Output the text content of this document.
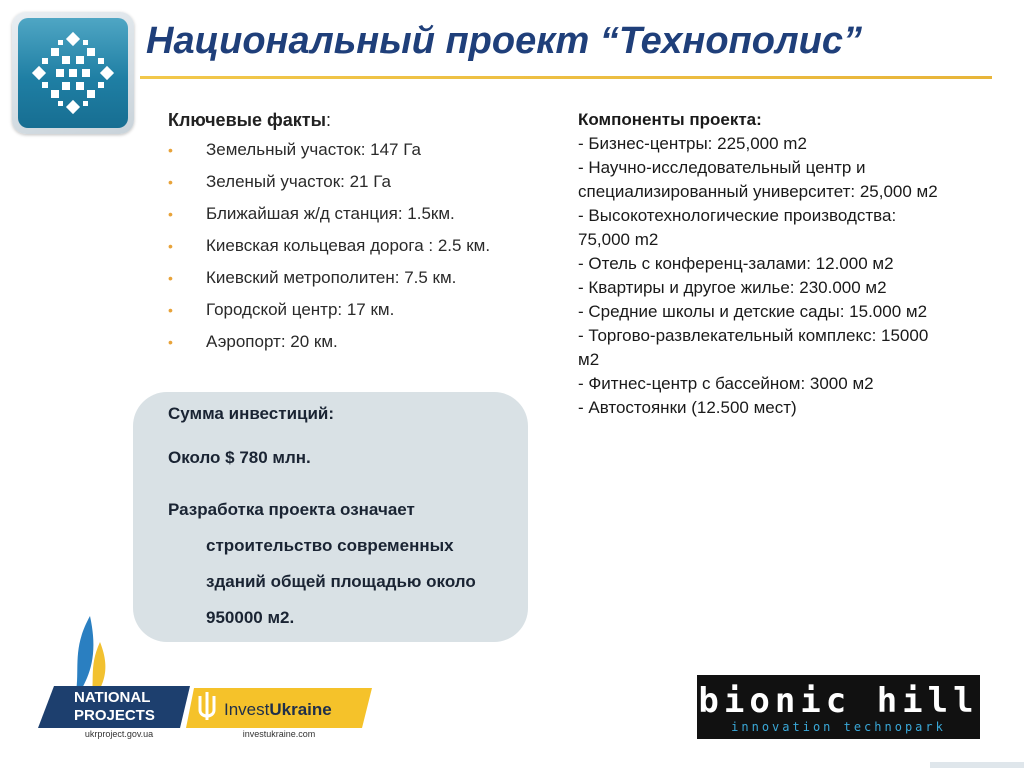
Национальный проект “Технополис”

Ключевые факты:

• Земельный участок: 147 Га
• Зеленый участок: 21 Га
• Ближайшая ж/д станция: 1.5км.
• Киевская кольцевая дорога : 2.5 км.
• Киевский метрополитен: 7.5 км.
• Городской центр: 17 км.
• Аэропорт: 20 км.

Сумма инвестиций:

Около $ 780 млн.

Разработка проекта означает
строительство современных
зданий общей площадью около
950000 м2.

Компоненты проекта:
- Бизнес-центры: 225,000 m2
- Научно-исследовательный центр и специализированный университет: 25,000 м2
- Высокотехнологические производства: 75,000 m2
- Отель с конференц-залами: 12.000 м2
- Квартиры и другое жилье: 230.000 м2
- Средние школы и детские сады: 15.000 м2
- Торгово-развлекательный комплекс: 15000 м2
- Фитнес-центр с бассейном: 3000 м2
- Автостоянки (12.500 мест)
NATIONAL
PROJECTS
ukrproject.gov.ua
InvestUkraine
investukraine.com
bionic hill
innovation technopark
